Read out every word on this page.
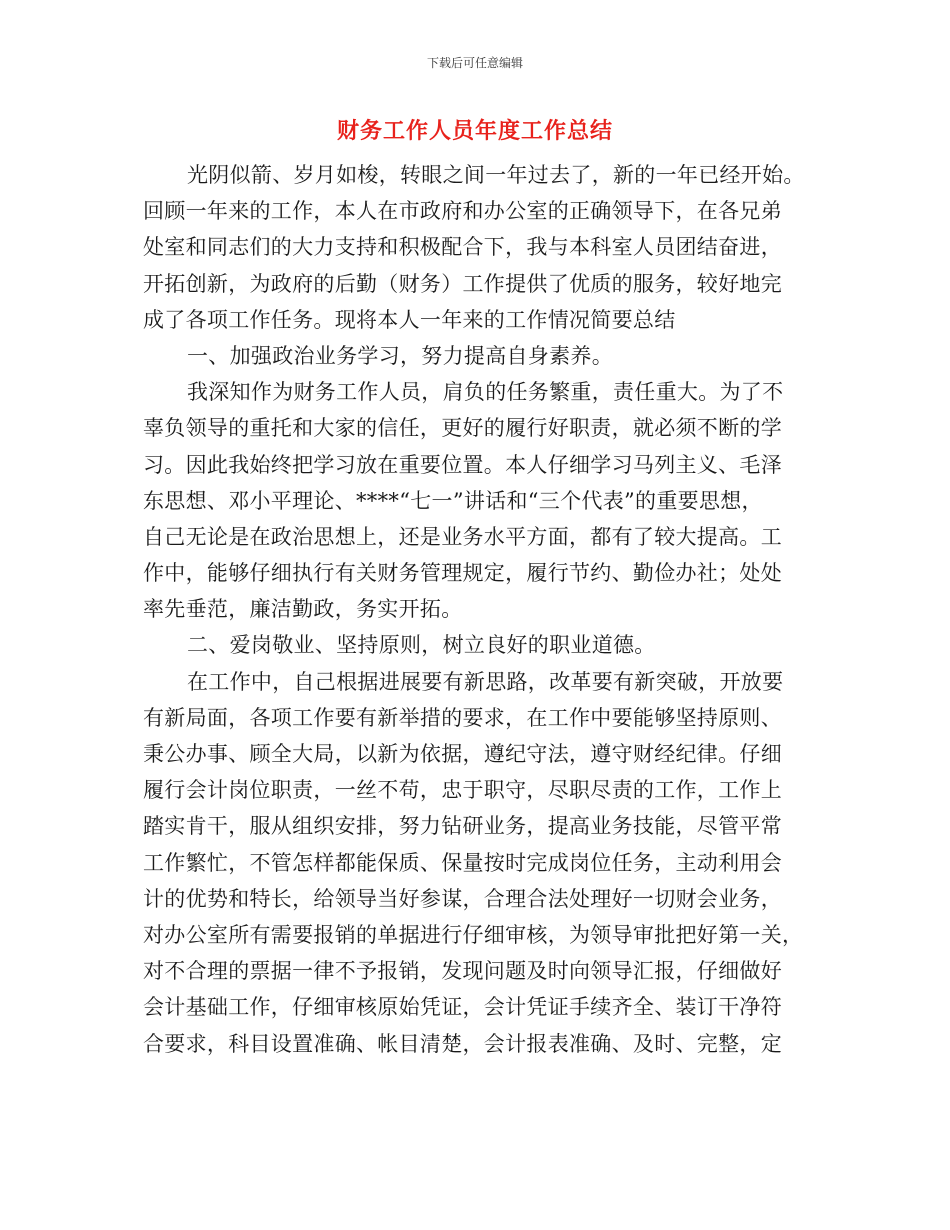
下载后可任意编辑
财务工作人员年度工作总结
光阴似箭、岁月如梭，转眼之间一年过去了，新的一年已经开始。
回顾一年来的工作，本人在市政府和办公室的正确领导下，在各兄弟
处室和同志们的大力支持和积极配合下，我与本科室人员团结奋进，
开拓创新，为政府的后勤（财务）工作提供了优质的服务，较好地完
成了各项工作任务。现将本人一年来的工作情况简要总结
一、加强政治业务学习，努力提高自身素养。
我深知作为财务工作人员，肩负的任务繁重，责任重大。为了不
辜负领导的重托和大家的信任，更好的履行好职责，就必须不断的学
习。因此我始终把学习放在重要位置。本人仔细学习马列主义、毛泽
东思想、邓小平理论、****“七一”讲话和“三个代表”的重要思想，
自己无论是在政治思想上，还是业务水平方面，都有了较大提高。工
作中，能够仔细执行有关财务管理规定，履行节约、勤俭办社；处处
率先垂范，廉洁勤政，务实开拓。
二、爱岗敬业、坚持原则，树立良好的职业道德。
在工作中，自己根据进展要有新思路，改革要有新突破，开放要
有新局面，各项工作要有新举措的要求，在工作中要能够坚持原则、
秉公办事、顾全大局，以新为依据，遵纪守法，遵守财经纪律。仔细
履行会计岗位职责，一丝不苟，忠于职守，尽职尽责的工作，工作上
踏实肯干，服从组织安排，努力钻研业务，提高业务技能，尽管平常
工作繁忙，不管怎样都能保质、保量按时完成岗位任务，主动利用会
计的优势和特长，给领导当好参谋，合理合法处理好一切财会业务，
对办公室所有需要报销的单据进行仔细审核，为领导审批把好第一关，
对不合理的票据一律不予报销，发现问题及时向领导汇报，仔细做好
会计基础工作，仔细审核原始凭证，会计凭证手续齐全、装订干净符
合要求，科目设置准确、帐目清楚，会计报表准确、及时、完整，定
